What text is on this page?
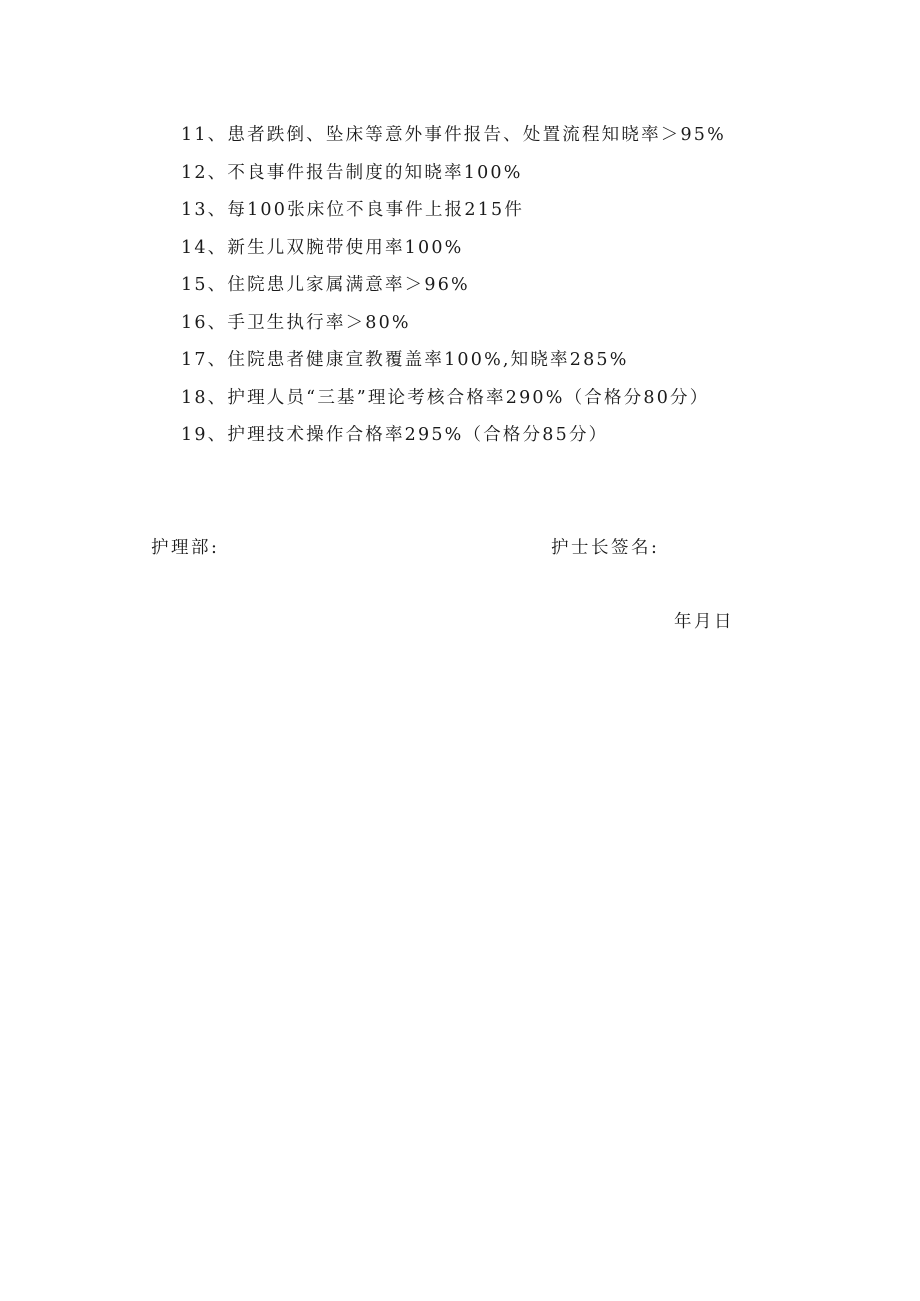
11、患者跌倒、坠床等意外事件报告、处置流程知晓率＞95%
12、不良事件报告制度的知晓率100%
13、每100张床位不良事件上报215件
14、新生儿双腕带使用率100%
15、住院患儿家属满意率＞96%
16、手卫生执行率＞80%
17、住院患者健康宣教覆盖率100%,知晓率285%
18、护理人员“三基”理论考核合格率290%（合格分80分）
19、护理技术操作合格率295%（合格分85分）
护理部:	护士长签名:
年月日
